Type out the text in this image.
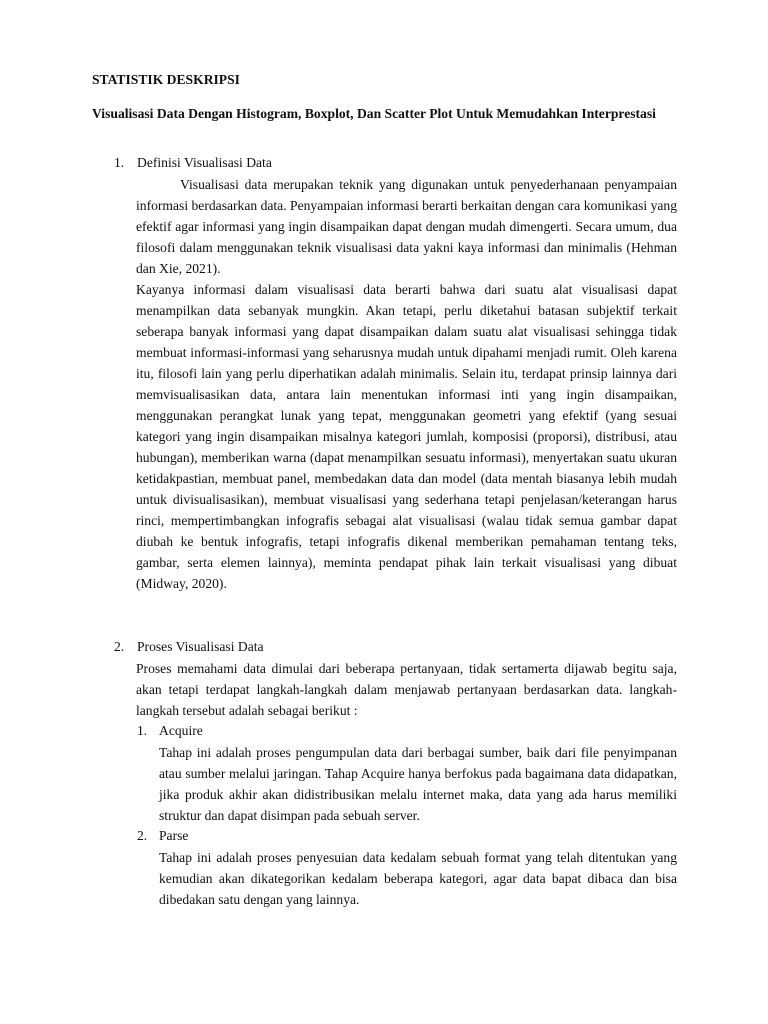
STATISTIK DESKRIPSI

Visualisasi Data Dengan Histogram, Boxplot, Dan Scatter Plot Untuk Memudahkan Interprestasi

1. Definisi Visualisasi Data

Visualisasi data merupakan teknik yang digunakan untuk penyederhanaan penyampaian informasi berdasarkan data. Penyampaian informasi berarti berkaitan dengan cara komunikasi yang efektif agar informasi yang ingin disampaikan dapat dengan mudah dimengerti. Secara umum, dua filosofi dalam menggunakan teknik visualisasi data yakni kaya informasi dan minimalis (Hehman dan Xie, 2021).

Kayanya informasi dalam visualisasi data berarti bahwa dari suatu alat visualisasi dapat menampilkan data sebanyak mungkin. Akan tetapi, perlu diketahui batasan subjektif terkait seberapa banyak informasi yang dapat disampaikan dalam suatu alat visualisasi sehingga tidak membuat informasi-informasi yang seharusnya mudah untuk dipahami menjadi rumit. Oleh karena itu, filosofi lain yang perlu diperhatikan adalah minimalis. Selain itu, terdapat prinsip lainnya dari memvisualisasikan data, antara lain menentukan informasi inti yang ingin disampaikan, menggunakan perangkat lunak yang tepat, menggunakan geometri yang efektif (yang sesuai kategori yang ingin disampaikan misalnya kategori jumlah, komposisi (proporsi), distribusi, atau hubungan), memberikan warna (dapat menampilkan sesuatu informasi), menyertakan suatu ukuran ketidakpastian, membuat panel, membedakan data dan model (data mentah biasanya lebih mudah untuk divisualisasikan), membuat visualisasi yang sederhana tetapi penjelasan/keterangan harus rinci, mempertimbangkan infografis sebagai alat visualisasi (walau tidak semua gambar dapat diubah ke bentuk infografis, tetapi infografis dikenal memberikan pemahaman tentang teks, gambar, serta elemen lainnya), meminta pendapat pihak lain terkait visualisasi yang dibuat (Midway, 2020).

2. Proses Visualisasi Data

Proses memahami data dimulai dari beberapa pertanyaan, tidak sertamerta dijawab begitu saja, akan tetapi terdapat langkah-langkah dalam menjawab pertanyaan berdasarkan data. langkah-langkah tersebut adalah sebagai berikut :

1. Acquire

Tahap ini adalah proses pengumpulan data dari berbagai sumber, baik dari file penyimpanan atau sumber melalui jaringan. Tahap Acquire hanya berfokus pada bagaimana data didapatkan, jika produk akhir akan didistribusikan melalu internet maka, data yang ada harus memiliki struktur dan dapat disimpan pada sebuah server.

2. Parse

Tahap ini adalah proses penyesuian data kedalam sebuah format yang telah ditentukan yang kemudian akan dikategorikan kedalam beberapa kategori, agar data bapat dibaca dan bisa dibedakan satu dengan yang lainnya.
